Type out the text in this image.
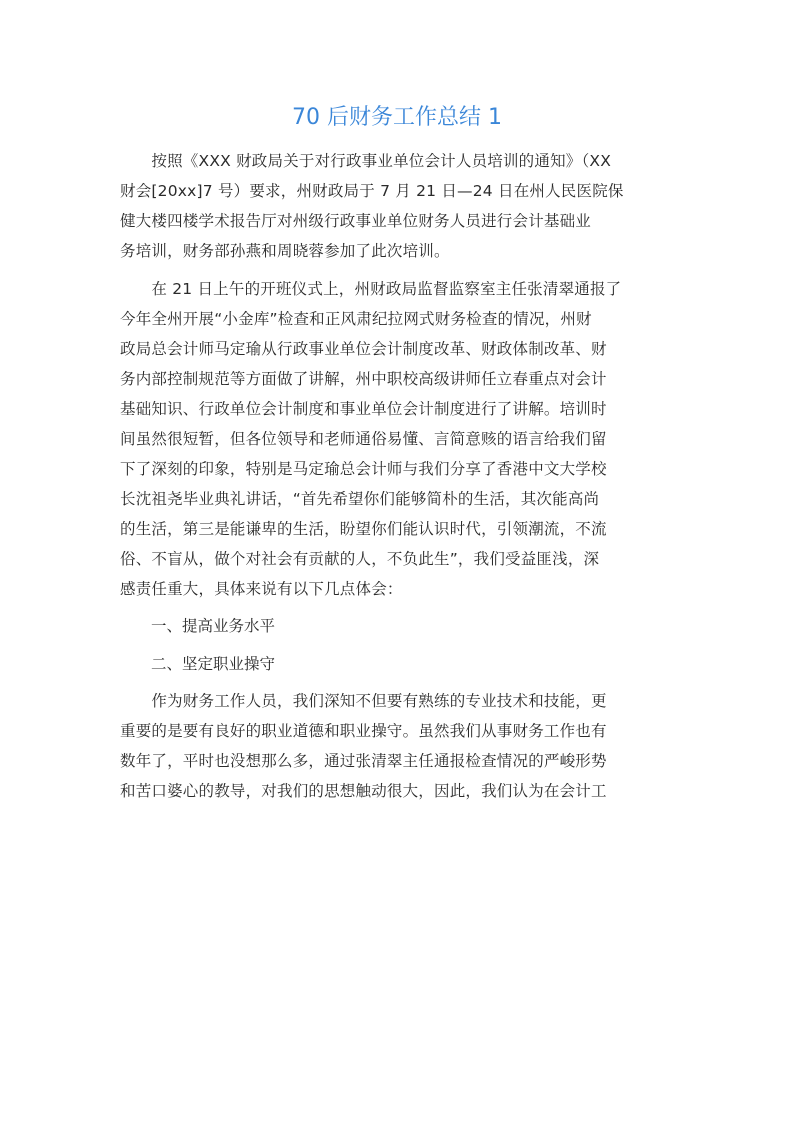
70 后财务工作总结 1

　　按照《XXX 财政局关于对行政事业单位会计人员培训的通知》（XX
财会[20xx]7 号）要求，州财政局于 7 月 21 日—24 日在州人民医院保
健大楼四楼学术报告厅对州级行政事业单位财务人员进行会计基础业
务培训，财务部孙燕和周晓蓉参加了此次培训。

　　在 21 日上午的开班仪式上，州财政局监督监察室主任张清翠通报了
今年全州开展“小金库”检查和正风肃纪拉网式财务检查的情况，州财
政局总会计师马定瑜从行政事业单位会计制度改革、财政体制改革、财
务内部控制规范等方面做了讲解，州中职校高级讲师任立春重点对会计
基础知识、行政单位会计制度和事业单位会计制度进行了讲解。培训时
间虽然很短暂，但各位领导和老师通俗易懂、言简意赅的语言给我们留
下了深刻的印象，特别是马定瑜总会计师与我们分享了香港中文大学校
长沈祖尧毕业典礼讲话，“首先希望你们能够简朴的生活，其次能高尚
的生活，第三是能谦卑的生活，盼望你们能认识时代，引领潮流，不流
俗、不盲从，做个对社会有贡献的人，不负此生”，我们受益匪浅，深
感责任重大，具体来说有以下几点体会：

一、提高业务水平

二、坚定职业操守

　　作为财务工作人员，我们深知不但要有熟练的专业技术和技能，更
重要的是要有良好的职业道德和职业操守。虽然我们从事财务工作也有
数年了，平时也没想那么多，通过张清翠主任通报检查情况的严峻形势
和苦口婆心的教导，对我们的思想触动很大，因此，我们认为在会计工
